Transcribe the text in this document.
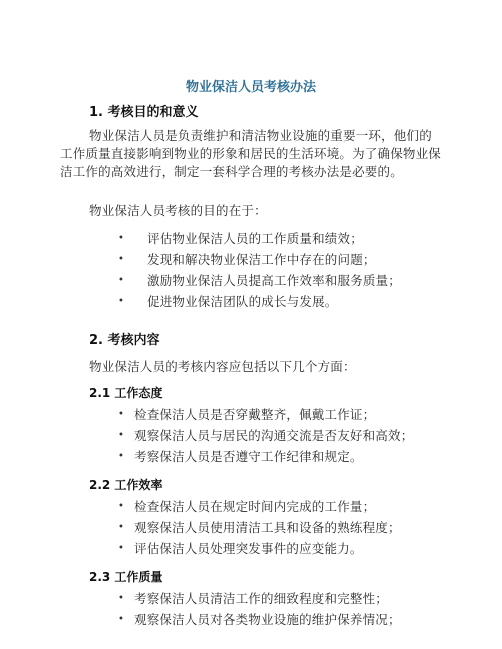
物业保洁人员考核办法
1. 考核目的和意义
物业保洁人员是负责维护和清洁物业设施的重要一环，他们的工作质量直接影响到物业的形象和居民的生活环境。为了确保物业保洁工作的高效进行，制定一套科学合理的考核办法是必要的。
物业保洁人员考核的目的在于：
• 评估物业保洁人员的工作质量和绩效；
• 发现和解决物业保洁工作中存在的问题；
• 激励物业保洁人员提高工作效率和服务质量；
• 促进物业保洁团队的成长与发展。
2. 考核内容
物业保洁人员的考核内容应包括以下几个方面：
2.1 工作态度
• 检查保洁人员是否穿戴整齐，佩戴工作证；
• 观察保洁人员与居民的沟通交流是否友好和高效；
• 考察保洁人员是否遵守工作纪律和规定。
2.2 工作效率
• 检查保洁人员在规定时间内完成的工作量；
• 观察保洁人员使用清洁工具和设备的熟练程度；
• 评估保洁人员处理突发事件的应变能力。
2.3 工作质量
• 考察保洁人员清洁工作的细致程度和完整性；
• 观察保洁人员对各类物业设施的维护保养情况；
